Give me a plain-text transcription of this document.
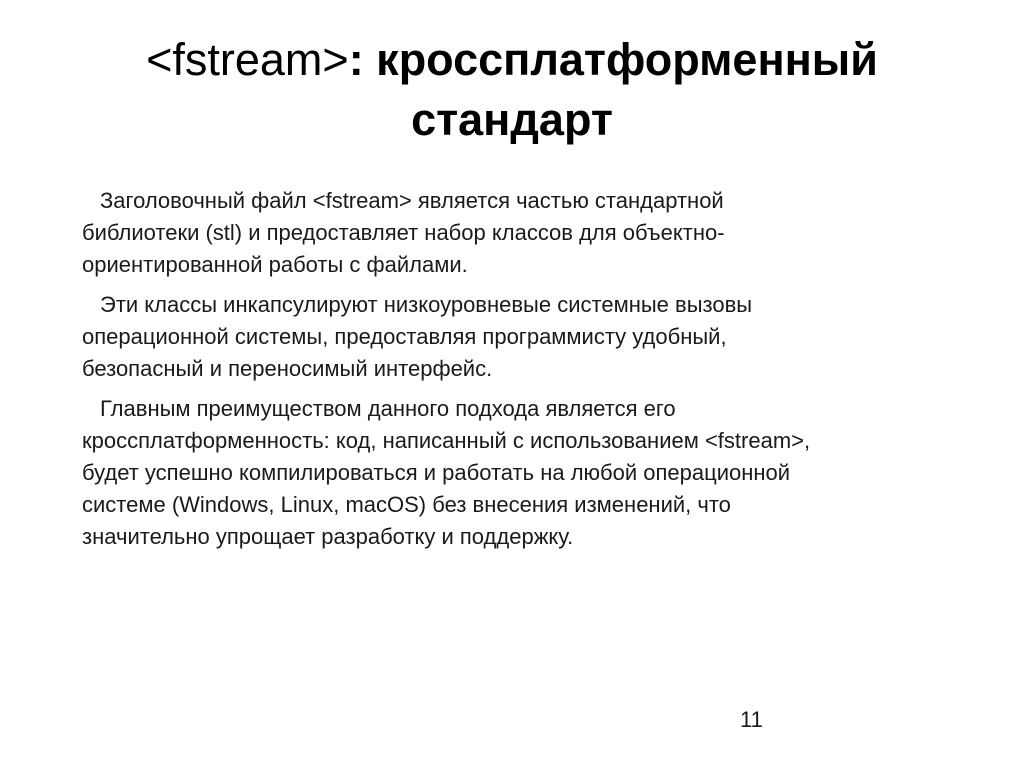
<fstream>: кроссплатформенный
стандарт

Заголовочный файл <fstream> является частью стандартной
библиотеки (stl) и предоставляет набор классов для объектно-
ориентированной работы с файлами.

Эти классы инкапсулируют низкоуровневые системные вызовы
операционной системы, предоставляя программисту удобный,
безопасный и переносимый интерфейс.

Главным преимуществом данного подхода является его
кроссплатформенность: код, написанный с использованием <fstream>,
будет успешно компилироваться и работать на любой операционной
системе (Windows, Linux, macOS) без внесения изменений, что
значительно упрощает разработку и поддержку.

11
